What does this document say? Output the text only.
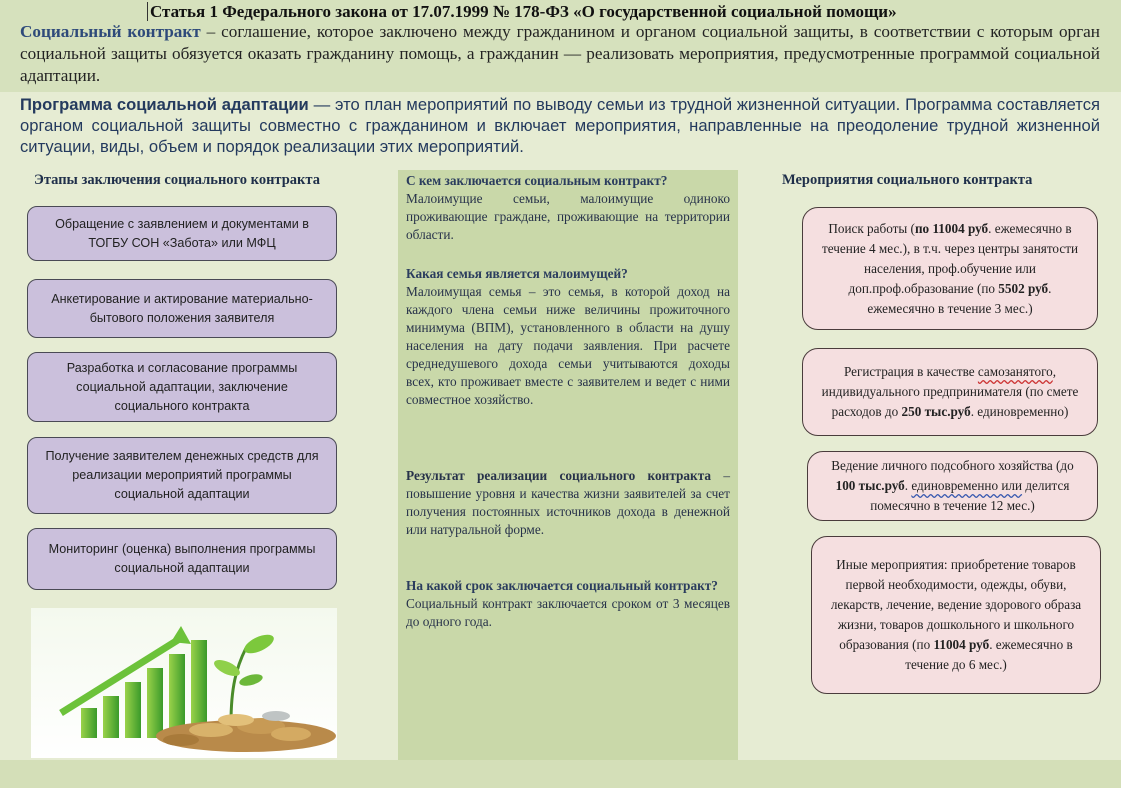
Статья 1 Федерального закона от 17.07.1999 № 178-ФЗ «О государственной социальной помощи»

Социальный контракт – соглашение, которое заключено между гражданином и органом социальной защиты, в соответствии с которым орган социальной защиты обязуется оказать гражданину помощь, а гражданин — реализовать мероприятия, предусмотренные программой социальной адаптации.

Программа социальной адаптации — это план мероприятий по выводу семьи из трудной жизненной ситуации. Программа составляется органом социальной защиты совместно с гражданином и включает мероприятия, направленные на преодоление трудной жизненной ситуации, виды, объем и порядок реализации этих мероприятий.

Этапы заключения социального контракта
Обращение с заявлением и документами в ТОГБУ СОН «Забота» или МФЦ
Анкетирование и актирование материально-бытового положения заявителя
Разработка и согласование программы социальной адаптации, заключение социального контракта
Получение заявителем денежных средств для реализации мероприятий программы социальной адаптации
Мониторинг (оценка) выполнения программы социальной адаптации
С кем заключается социальным контракт?
Малоимущие семьи, малоимущие одиноко проживающие граждане, проживающие на территории области.
Какая семья является малоимущей?
Малоимущая семья – это семья, в которой доход на каждого члена семьи ниже величины прожиточного минимума (ВПМ), установленного в области на душу населения на дату подачи заявления. При расчете среднедушевого дохода семьи учитываются доходы всех, кто проживает вместе с заявителем и ведет с ними совместное хозяйство.
Результат реализации социального контракта – повышение уровня и качества жизни заявителей за счет получения постоянных источников дохода в денежной или натуральной форме.
На какой срок заключается социальный контракт?
Социальный контракт заключается сроком от 3 месяцев до одного года.
Мероприятия социального контракта
Поиск работы (по 11004 руб. ежемесячно в течение 4 мес.), в т.ч. через центры занятости населения, проф.обучение или доп.проф.образование (по 5502 руб. ежемесячно в течение 3 мес.)
Регистрация в качестве самозанятого, индивидуального предпринимателя (по смете расходов до 250 тыс.руб. единовременно)
Ведение личного подсобного хозяйства (до 100 тыс.руб. единовременно или делится помесячно в течение 12 мес.)
Иные мероприятия: приобретение товаров первой необходимости, одежды, обуви, лекарств, лечение, ведение здорового образа жизни, товаров дошкольного и школьного образования (по 11004 руб. ежемесячно в течение до 6 мес.)
